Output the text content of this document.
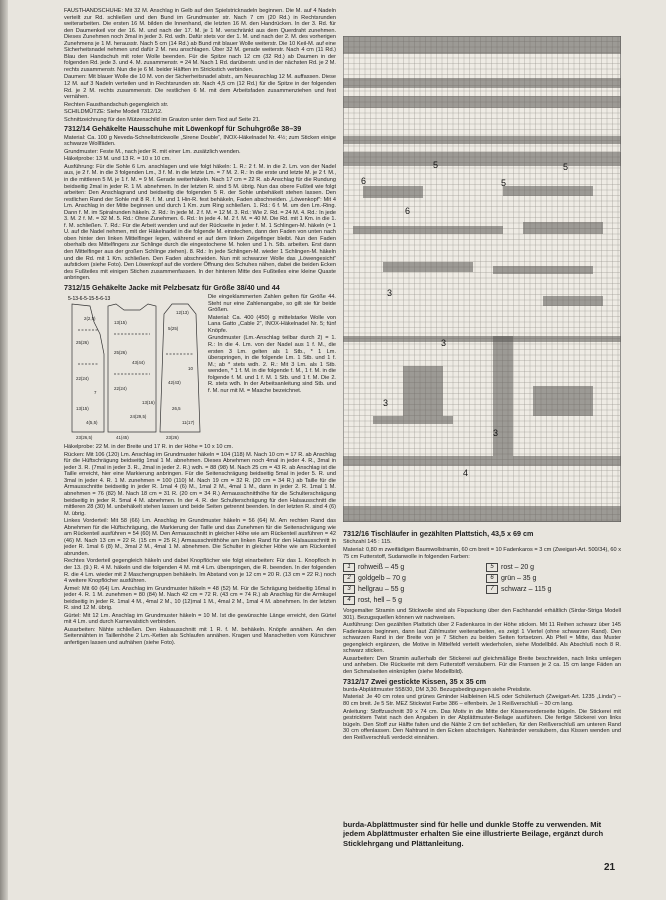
FAUSTHANDSCHUHE: Mit 32 M. Anschlag in Gelb auf den Spielstricknadeln beginnen. Die M. auf 4 Nadeln verteilt zur Rd. schließen und den Bund im Grundmuster str. Nach 7 cm (20 Rd.) in Rechtsrunden weiterarbeiten. Die ersten 16 M. bilden die Innenhand, die letzten 16 M. den Handrücken. In der 3. Rd. für den Daumenkeil vor der 16. M. und nach der 17. M. je 1 M. verschränkt aus dem Querdraht zunehmen. Dieses Zunehmen noch 3mal in jeder 3. Rd. wdh. Dafür stets vor der 1. M. und nach der 2. M. des vorherigen Zunehmens je 1 M. herausstr. Nach 5 cm (14 Rd.) ab Bund mit blauer Wolle weiterstr. Die 10 Keil-M. auf eine Sicherheitsnadel nehmen und dafür 2 M. neu anschlagen. Über 32 M. gerade weiterstr. Nach 4 cm (11 Rd.) Blau den Handschuh mit roter Wolle beenden. Für die Spitze nach 12 cm (32 Rd.) ab Daumen in der folgenden Rd. jede 3. und 4. M. zusammenstr. = 24 M. Nach 1 Rd. darüberstr. und in der nächsten Rd. je 2 M. rechts zusammenstr. Nun die je 6 M. beider Hälften im Strickstich verbinden.

Daumen: Mit blauer Wolle die 10 M. von der Sicherheitsnadel abstr., am Neuanschlag 12 M. auffassen. Diese 12 M. auf 3 Nadeln verteilen und in Rechtsrunden str. Nach 4,5 cm (12 Rd.) für die Spitze in der folgenden Rd. je 2 M. rechts zusammenstr. Die restlichen 6 M. mit dem Arbeitsfaden zusammenziehen und fest vernähen.

Rechten Fausthandschuh gegengleich str.

SCHILDMÜTZE: Siehe Modell 7312/12.

Schnittzeichnung für den Mützenschild im Grauton unter dem Text auf Seite 21.

7312/14 Gehäkelte Hausschuhe mit Löwenkopf für Schuhgröße 38–39

Material: Ca. 100 g Neveda-Schnellstrickwolle „Sirene Double“, INOX-Häkelnadel Nr. 4½; zum Sticken einige schwarze Wollfäden.

Grundmuster: Feste M., nach jeder R. mit einer Lm. zusätzlich wenden.

Häkelprobe: 13 M. und 13 R. = 10 x 10 cm.

Ausführung: Für die Sohle 6 Lm. anschlagen und wie folgt häkeln: 1. R.: 2 f. M. in die 2. Lm. von der Nadel aus, je 2 f. M. in die 3 folgenden Lm., 3 f. M. in die letzte Lm. = 7 M. 2. R.: In die erste und letzte M. je 2 f. M., in die mittleren 5 M. je 1 f. M. = 9 M. Gerade weiterhäkeln. Nach 17 cm = 22 R. ab Anschlag für die Rundung beidseitig 2mal in jeder R. 1 M. abnehmen. In der letzten R. sind 5 M. übrig. Nun das obere Fußteil wie folgt arbeiten: Den Anschlagrand und beidseitig die folgenden 5 R. der Sohle unbehäkelt stehen lassen. Den restlichen Rand der Sohle mit 8 R. f. M. und 1 Hin-R. fest behäkeln, Faden abschneiden. „Löwenkopf“: Mit 4 Lm. Anschlag in der Mitte beginnen und durch 1 Km. zum Ring schließen. 1. Rd.: 6 f. M. um den Lm.-Ring. Dann f. M. im Spiralrunden häkeln. 2. Rd.: In jede M. 2 f. M. = 12 M. 3. Rd.: Wie 2. Rd. = 24 M. 4. Rd.: In jede 3. M. 2 f. M. = 32 M. 5. Rd.: Ohne Zunehmen. 6. Rd.: In jede 4. M. 2 f. M. = 40 M. Die Rd. mit 1 Km. in die 1. f. M. schließen. 7. Rd.: Für die Arbeit wenden und auf der Rückseite in jeder f. M. 1 Schlingen-M. häkeln (= 1 U. auf die Nadel nehmen, mit der Häkelnadel in die folgende M. einstechen, dann den Faden von unten nach oben hinter den linken Mittelfinger legen, während er auf dem linken Zeigefinger bleibt. Nun den Faden oberhalb des Mittelfingers zur Schlinge durch die eingestochene M. holen und 1 h. Stb. arbeiten. Erst dann den Mittelfinger aus der großen Schlinge ziehen). 8. Rd.: In jede Schlingen-M. wieder 1 Schlingen-M. häkeln und die Rd. mit 1 Km. schließen. Den Faden abschneiden. Nun mit schwarzer Wolle das „Löwengesicht“ aufsticken (siehe Foto). Den Löwenkopf auf die vordere Öffnung des Schuhes nähen, dabei die beiden Ecken des Fußteiles mit einigen Stichen zusammenfassen. In der hinteren Mitte des Fußteiles eine kleine Quaste anbringen.

7312/15 Gehäkelte Jacke mit Pelzbesatz für Größe 38/40 und 44
5-13-6-5-15-5-6-13
25(26)
22(24)
13(15)
2(2,5)
13(15)
25(26)
22(24)
43(44)
42(43)
5(25)
23(26,5)	41(45)
24(29,5)
23(26)
26,5
11(17)
7
4(5,5)
12(13)
10
13(16)

Die eingeklammerten Zahlen gelten für Größe 44. Steht nur eine Zahlenangabe, so gilt sie für beide Größen.

Material: Ca. 400 (450) g mittelstarke Wolle von Lana Gatto „Cable 2“, INOX-Häkelnadel Nr. 5; fünf Knöpfe.

Grundmuster (Lm.-Anschlag teilbar durch 2) = 1. R.: In die 4. Lm. von der Nadel aus 1 f. M., die ersten 3 Lm. gelten als 1 Stb., * 1 Lm. überspringen, in die folgende Lm. 1 Stb. und 1 f. M.; ab * stets wdh. 2. R.: Mit 3 Lm. als 1 Stb. wenden, * 1 f. M. in die folgende f. M., 1 f. M. in die folgende f. M. und 1 f. M. 1 Stb. und 1 f. M. Die 2. R. stets wdh. In der Arbeitsanleitung sind Stb. und f. M. nur mit M. = Masche bezeichnet.

Häkelprobe: 22 M. in der Breite und 17 R. in der Höhe = 10 x 10 cm.

Rücken: Mit 106 (120) Lm. Anschlag im Grundmuster häkeln = 104 (118) M. Nach 10 cm = 17 R. ab Anschlag für die Hüftschrägung beidseitig 1mal 1 M. abnehmen. Dieses Abnehmen noch 4mal in jeder 4. R., 3mal in jeder 3. R. (7mal in jeder 3. R., 2mal in jeder 2. R.) wdh. = 88 (98) M. Nach 25 cm = 43 R. ab Anschlag ist die Taille erreicht, hier eine Markierung anbringen. Für die Seitenschrägung beidseitig 5mal in jeder 5. R. und 3mal in jeder 4. R. 1 M. zunehmen = 100 (110) M. Nach 19 cm = 32 R. (20 cm = 34 R.) ab Taille für die Armausschnitte beidseitig in jeder R. 1mal 4 (6) M., 1mal 2 M., 4mal 1 M., dann in jeder 2. R. 1mal 1 M. abnehmen = 76 (82) M. Nach 18 cm = 31 R. (20 cm = 34 R.) Armausschnitthöhe für die Schulterschrägung beidseitig in jeder R. 5mal 4 M. abnehmen. In der 4. R. der Schulterschrägung für den Halsausschnitt die mittleren 28 (30) M. unbehäkelt stehen lassen und beide Seiten getrennt beenden. In der letzten R. sind 4 (6) M. übrig.

Linkes Vorderteil: Mit 58 (66) Lm. Anschlag im Grundmuster häkeln = 56 (64) M. Am rechten Rand das Abnehmen für die Hüftschrägung, die Markierung der Taille und das Zunehmen für die Seitenschrägung wie am Rückenteil ausführen = 54 (60) M. Den Armausschnitt in gleicher Höhe wie am Rückenteil ausführen = 42 (46) M. Nach 13 cm = 22 R. (15 cm = 25 R.) Armausschnitthöhe am linken Rand für den Halsausschnitt in jeder R. 1mal 6 (8) M., 3mal 2 M., 4mal 1 M. abnehmen. Die Schulter in gleicher Höhe wie am Rückenteil abrunden.

Rechtes Vorderteil gegengleich häkeln und dabei Knopflöcher wie folgt einarbeiten: Für das 1. Knopfloch in der 13. (9.) R. 4 M. häkeln und die folgenden 4 M. mit 4 Lm. überspringen, die R. beenden. In der folgenden R. die 4 Lm. wieder mit 2 Maschengruppen behäkeln. Im Abstand von je 12 cm = 20 R. (13 cm = 22 R.) noch 4 weitere Knopflöcher ausführen.

Ärmel: Mit 60 (64) Lm. Anschlag im Grundmuster häkeln = 48 (52) M. Für die Schrägung beidseitig 16mal in jeder 4. R. 1 M. zunehmen = 80 (84) M. Nach 42 cm = 72 R. (43 cm = 74 R.) ab Anschlag für die Armkugel beidseitig in jeder R. 1mal 4 M., 4mal 2 M., 10 (12)mal 1 M., 4mal 2 M., 1mal 4 M. abnehmen. In der letzten R. sind 12 M. übrig.

Gürtel: Mit 12 Lm. Anschlag im Grundmuster häkeln = 10 M. Ist die gewünschte Länge erreicht, den Gürtel mit 4 Lm. und durch Karnevalstich verbinden.

Ausarbeiten: Nähte schließen. Den Halsausschnitt mit 1 R. f. M. behäkeln. Knöpfe annähen. An den Seitennähten in Taillenhöhe 2 Lm.-Ketten als Schlaufen annähen. Kragen und Manschetten vom Kürschner anfertigen lassen und aufnähen (siehe Foto).

5
5
6
5
6
3
3
3
3
4
7312/16 Tischläufer in gezählten Plattstich, 43,5 x 69 cm

Stichzahl 145 : 115.

Material: 0,80 m zweifädigen Baumwollstramin, 60 cm breit = 10 Fadenkaros = 3 cm (Zweigart-Art. 500/34), 60 x 75 cm Futterstoff, Sudanwolle in folgenden Farben:

1	rohweiß – 45 g	5	rost – 20 g
2	goldgelb – 70 g	6	grün – 35 g
3	hellgrau – 55 g	7	schwarz – 115 g
4	rost, hell – 5 g

Vorgemalter Stramin und Stickwolle sind als Fixpackung über den Fachhandel erhältlich (Sirdar-Striga Modell 301). Bezugsquellen können wir nachweisen.

Ausführung: Den gezählten Plattstich über 2 Fadenkaros in der Höhe sticken. Mit 11 Reihen schwarz über 145 Fadenkaros beginnen, dann laut Zählmuster weiterarbeiten, es zeigt 1 Viertel (ohne schwarzen Rand). Den schwarzen Rand in der Breite von je 7 Stichen zu beiden Seiten fortsetzen. Ab Pfeil = Mitte, das Muster gegengleich ergänzen, die Motive in Mittelfeld verteilt wiederholen, siehe Modellbild. Als Abschluß noch 8 R. schwarz sticken.

Ausarbeiten: Den Stramin außerhalb der Stickerei auf gleichmäßige Breite beschneiden, nach links umlegen und anheben. Die Rückseite mit dem Futterstoff versäubern. Für die Fransen je 2 ca. 15 cm lange Fäden an den Schmalseiten einknüpfen (siehe Modellbild).

7312/17 Zwei gestickte Kissen, 35 x 35 cm

burda-Abplättmuster 558/30, DM 3,30. Bezugsbedingungen siehe Preisliste.

Material: Je 40 cm rotes und grünes Gminder Halbleinen HLS oder Schülertuch (Zweigart-Art. 1235 „Linda“) – 80 cm breit. Je 5 Str. MEZ Stickwist Farbe 386 – elfenbein. Je 1 Reißverschluß – 30 cm lang.

Anleitung: Stoffzuschnitt 39 x 74 cm. Das Motiv in die Mitte der Kissenvorderseite bügeln. Die Stickerei mit gestricktem Twist nach den Angaben in der Abplättmuster-Beilage ausführen. Die fertige Stickerei von links bügeln. Den Stoff zur Hälfte falten und die Nähte 2 cm tief schließen, für den Reißverschluß am unteren Rand 30 cm offenlassen. Den Nahtrand in den Ecken abschrägen. Nahtränder versäubern, das Kissen wenden und den Reißverschluß verdeckt einnähen.

burda-Abplättmuster sind für helle und dunkle Stoffe zu verwenden. Mit jedem Abplättmuster erhalten Sie eine illustrierte Beilage, ergänzt durch Sticklehrgang und Plättanleitung.
21
